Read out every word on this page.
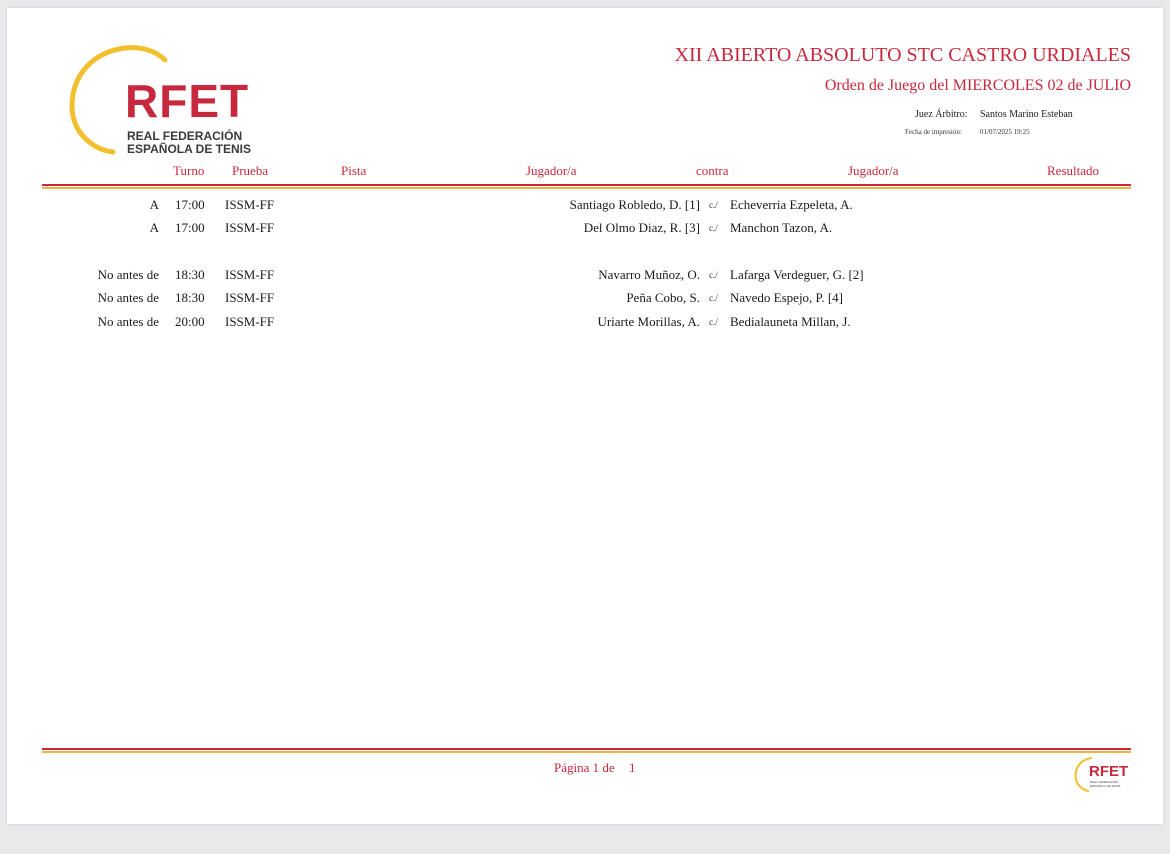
RFET
REAL FEDERACIÓN
ESPAÑOLA DE TENIS
XII ABIERTO ABSOLUTO STC CASTRO URDIALES
Orden de Juego del MIERCOLES 02 de JULIO
Juez Árbitro: Santos Marino Esteban
Fecha de impresión:	01/07/2025 19:25
Turno Prueba	Pista	Jugador/a	contra	Jugador/a	Resultado
A 17:00 ISSM-FF	Santiago Robledo, D. [1] c./ Echeverria Ezpeleta, A.
A 17:00 ISSM-FF	Del Olmo Diaz, R. [3] c./ Manchon Tazon, A.
No antes de 18:30 ISSM-FF	Navarro Muñoz, O. c./ Lafarga Verdeguer, G. [2]
No antes de 18:30 ISSM-FF	Peña Cobo, S. c./ Navedo Espejo, P. [4]
No antes de 20:00 ISSM-FF	Uriarte Morillas, A. c./ Bedialauneta Millan, J.
Página 1 de 1	RFET
REAL FEDERACIÓN
ESPAÑOLA DE TENIS
